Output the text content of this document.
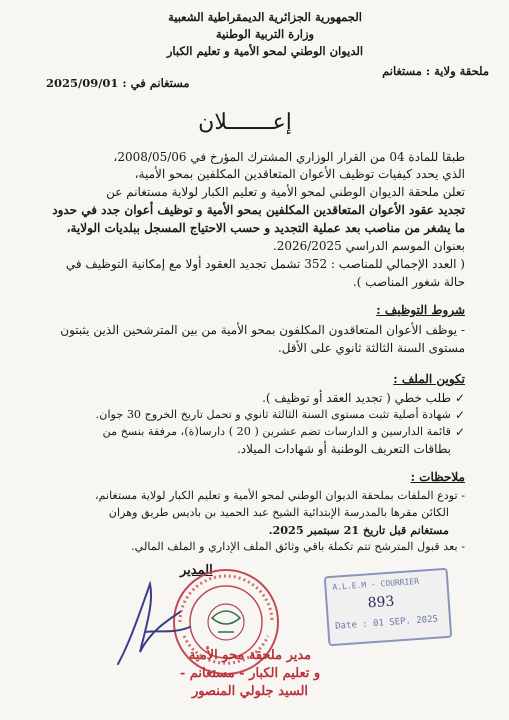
الجمهورية الجزائرية الديمقراطية الشعبية
وزارة التربية الوطنية
الديوان الوطني لمحو الأمية و تعليم الكبار
ملحقة ولاية : مستغانم
مستغانم في : 2025/09/01
إعـــــــلان
طبقا للمادة 04 من القرار الوزاري المشترك المؤرخ في 2008/05/06،
الذي يحدد كيفيات توظيف الأعوان المتعاقدين المكلفين بمحو الأمية،
تعلن ملحقة الديوان الوطني لمحو الأمية و تعليم الكبار لولاية مستغانم عن
تجديد عقود الأعوان المتعاقدين المكلفين بمحو الأمية و توظيف أعوان جدد في حدود
ما يشغر من مناصب بعد عملية التجديد و حسب الاحتياج المسجل ببلديات الولاية،
بعنوان الموسم الدراسي 2026/2025.
( العدد الإجمالي للمناصب : 352 تشمل تجديد العقود أولا مع إمكانية التوظيف في
حالة شغور المناصب ).
شروط التوظيف :
- يوظف الأعوان المتعاقدون المكلفون بمحو الأمية من بين المترشحين الذين يثبتون
مستوى السنة الثالثة ثانوي على الأقل.
تكوين الملف :
✓
طلب خطي ( تجديد العقد أو توظيف ).
✓
شهادة أصلية تثبت مستوى السنة الثالثة ثانوي و تحمل تاريخ الخروج 30 جوان.
✓
قائمة الدارسين و الدارسات تضم عشرين ( 20 ) دارسا(ة)، مرفقة بنسخ من
بطاقات التعريف الوطنية أو شهادات الميلاد.
ملاحظات :
- تودع الملفات بملحقة الديوان الوطني لمحو الأمية و تعليم الكبار لولاية مستغانم،
الكائن مقرها بالمدرسة الإبتدائية الشيخ عبد الحميد بن باديس طريق وهران
مستغانم قبل تاريخ 21 سبتمبر 2025.
- بعد قبول المترشح تتم تكملة باقي وثائق الملف الإداري و الملف المالي.
المدير
مدير ملحقة محو الأمية
و تعليم الكبار - مستغانم -
السيد جلولي المنصور
A.L.E.M - COURRIER
893
Date : 01 SEP. 2025
